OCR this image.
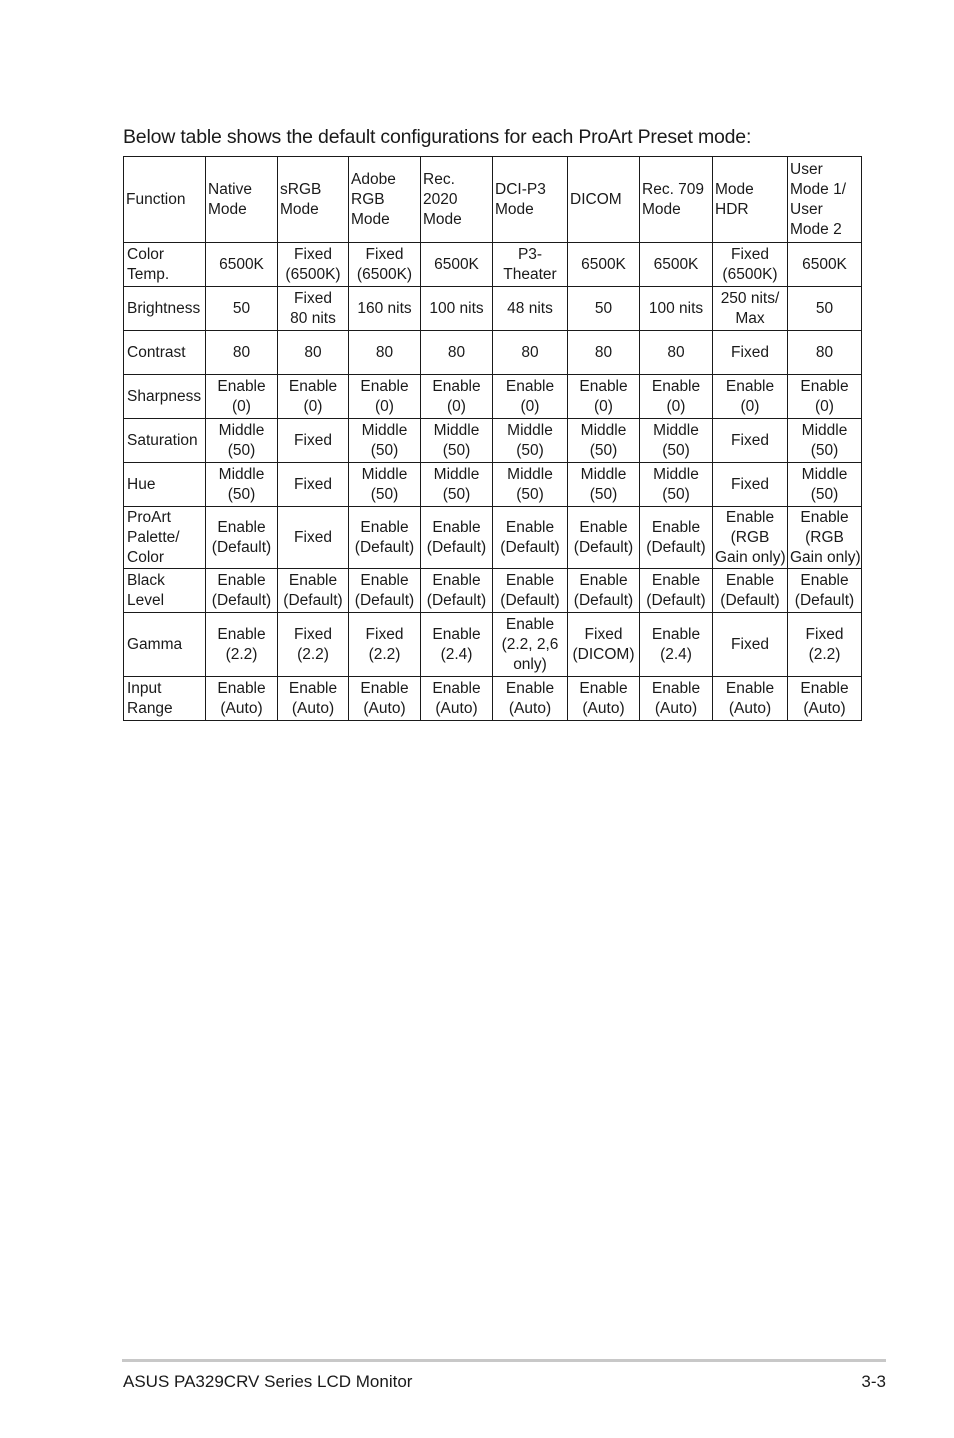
Below table shows the default configurations for each ProArt Preset mode:
Function	Native
Mode	sRGB
Mode	Adobe
RGB
Mode	Rec.
2020
Mode	DCI-P3
Mode	DICOM	Rec. 709
Mode	Mode
HDR	User
Mode 1/
User
Mode 2

Color
Temp.	6500K	Fixed
(6500K)	Fixed
(6500K)	6500K	P3-
Theater	6500K	6500K	Fixed
(6500K)	6500K

Brightness	50	Fixed
80 nits	160 nits	100 nits	48 nits	50	100 nits	250 nits/
Max	50

Contrast	80	80	80	80	80	80	80	Fixed	80

Sharpness	Enable
(0)	Enable
(0)	Enable
(0)	Enable
(0)	Enable
(0)	Enable
(0)	Enable
(0)	Enable
(0)	Enable
(0)

Saturation	Middle
(50)	Fixed	Middle
(50)	Middle
(50)	Middle
(50)	Middle
(50)	Middle
(50)	Fixed	Middle
(50)

Hue	Middle
(50)	Fixed	Middle
(50)	Middle
(50)	Middle
(50)	Middle
(50)	Middle
(50)	Fixed	Middle
(50)

ProArt
Palette/
Color	Enable
(Default)	Fixed	Enable
(Default)	Enable
(Default)	Enable
(Default)	Enable
(Default)	Enable
(Default)	Enable
(RGB
Gain only)	Enable
(RGB
Gain only)

Black
Level	Enable
(Default)	Enable
(Default)	Enable
(Default)	Enable
(Default)	Enable
(Default)	Enable
(Default)	Enable
(Default)	Enable
(Default)	Enable
(Default)

Gamma	Enable
(2.2)	Fixed
(2.2)	Fixed
(2.2)	Enable
(2.4)	Enable
(2.2, 2,6
only)	Fixed
(DICOM)	Enable
(2.4)	Fixed	Fixed
(2.2)

Input
Range	Enable
(Auto)	Enable
(Auto)	Enable
(Auto)	Enable
(Auto)	Enable
(Auto)	Enable
(Auto)	Enable
(Auto)	Enable
(Auto)	Enable
(Auto)
ASUS PA329CRV Series LCD Monitor	3-3
